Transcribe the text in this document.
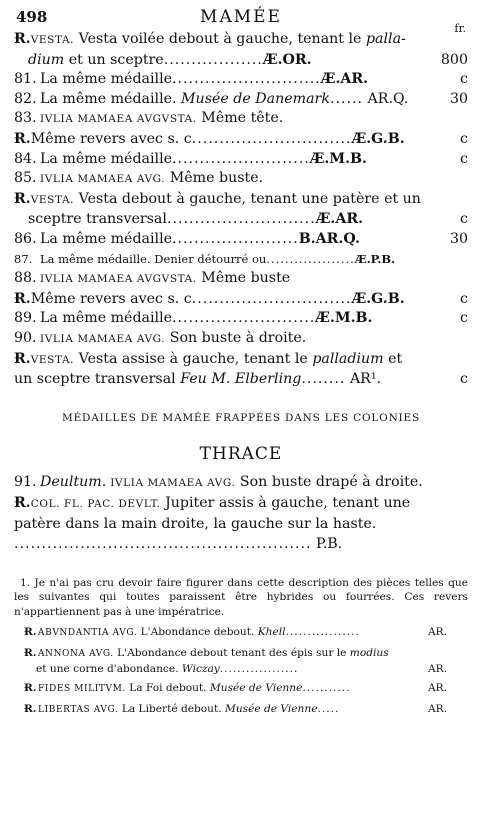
498	MAMÉE
fr.
Ɍ.VESTA. Vesta voilée debout à gauche, tenant le palla-
dium et un sceptre..................Æ.OR.	800
81. La même médaille...........................Æ.AR.	c
82. La même médaille. Musée de Danemark...... AR.Q.	30
83. IVLIA MAMAEA AVGVSTA. Même tête.
Ɍ.Même revers avec s. c.............................Æ.G.B.	c
84. La même médaille.........................Æ.M.B.	c
85. IVLIA MAMAEA AVG. Même buste.
Ɍ.VESTA. Vesta debout à gauche, tenant une patère et un
sceptre transversal...........................Æ.AR.	c
86. La même médaille.......................B.AR.Q.	30
87. La même médaille. Denier détourré ou...................Æ.P.B.
88. IVLIA MAMAEA AVGVSTA. Même buste
Ɍ.Même revers avec s. c.............................Æ.G.B.	c
89. La même médaille..........................Æ.M.B.	c
90. IVLIA MAMAEA AVG. Son buste à droite.
Ɍ.VESTA. Vesta assise à gauche, tenant le palladium et
un sceptre transversal Feu M. Elberling........ AR¹.	c
MÉDAILLES DE MAMÉE FRAPPÉES DANS LES COLONIES
THRACE
91. Deultum. IVLIA MAMAEA AVG. Son buste drapé à droite.
Ɍ.COL. FL. PAC. DEVLT. Jupiter assis à gauche, tenant une
patère dans la main droite, la gauche sur la haste.
...................................................... P.B.
1. Je n'ai pas cru devoir faire figurer dans cette description des pièces telles que les suivantes qui toutes paraissent être hybrides ou fourrées. Ces revers n'appartiennent pas à une impératrice.
Ɍ. ABVNDANTIA AVG. L'Abondance debout. Khell.................	AR.
Ɍ. ANNONA AVG. L'Abondance debout tenant des épis sur le modius
et une corne d'abondance. Wiczay..................	AR.
Ɍ. FIDES MILITVM. La Foi debout. Musée de Vienne...........	AR.
Ɍ. LIBERTAS AVG. La Liberté debout. Musée de Vienne.....	AR.
